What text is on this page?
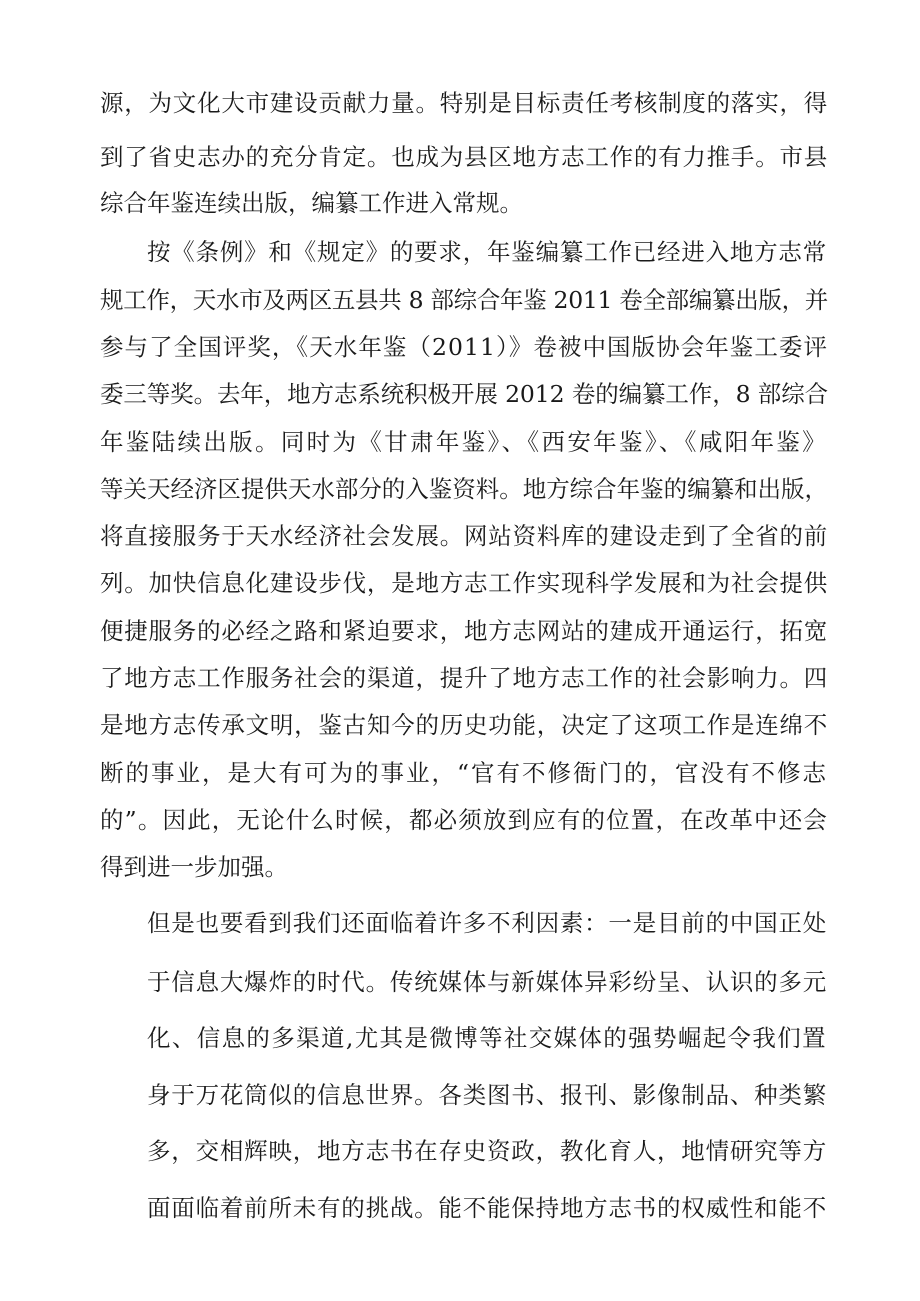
源，为文化大市建设贡献力量。特别是目标责任考核制度的落实，得
到了省史志办的充分肯定。也成为县区地方志工作的有力推手。市县
综合年鉴连续出版，编纂工作进入常规。
按《条例》和《规定》的要求，年鉴编纂工作已经进入地方志常
规工作，天水市及两区五县共 8 部综合年鉴 2011 卷全部编纂出版，并
参与了全国评奖，《天水年鉴（2011）》卷被中国版协会年鉴工委评
委三等奖。去年，地方志系统积极开展 2012 卷的编纂工作，8 部综合
年鉴陆续出版。同时为《甘肃年鉴》、《西安年鉴》、《咸阳年鉴》
等关天经济区提供天水部分的入鉴资料。地方综合年鉴的编纂和出版，
将直接服务于天水经济社会发展。网站资料库的建设走到了全省的前
列。加快信息化建设步伐，是地方志工作实现科学发展和为社会提供
便捷服务的必经之路和紧迫要求，地方志网站的建成开通运行，拓宽
了地方志工作服务社会的渠道，提升了地方志工作的社会影响力。四
是地方志传承文明，鉴古知今的历史功能，决定了这项工作是连绵不
断的事业，是大有可为的事业，“官有不修衙门的，官没有不修志
的”。因此，无论什么时候，都必须放到应有的位置，在改革中还会
得到进一步加强。
但是也要看到我们还面临着许多不利因素：一是目前的中国正处
于信息大爆炸的时代。传统媒体与新媒体异彩纷呈、认识的多元
化、信息的多渠道,尤其是微博等社交媒体的强势崛起令我们置
身于万花筒似的信息世界。各类图书、报刊、影像制品、种类繁
多，交相辉映，地方志书在存史资政，教化育人，地情研究等方
面面临着前所未有的挑战。能不能保持地方志书的权威性和能不
